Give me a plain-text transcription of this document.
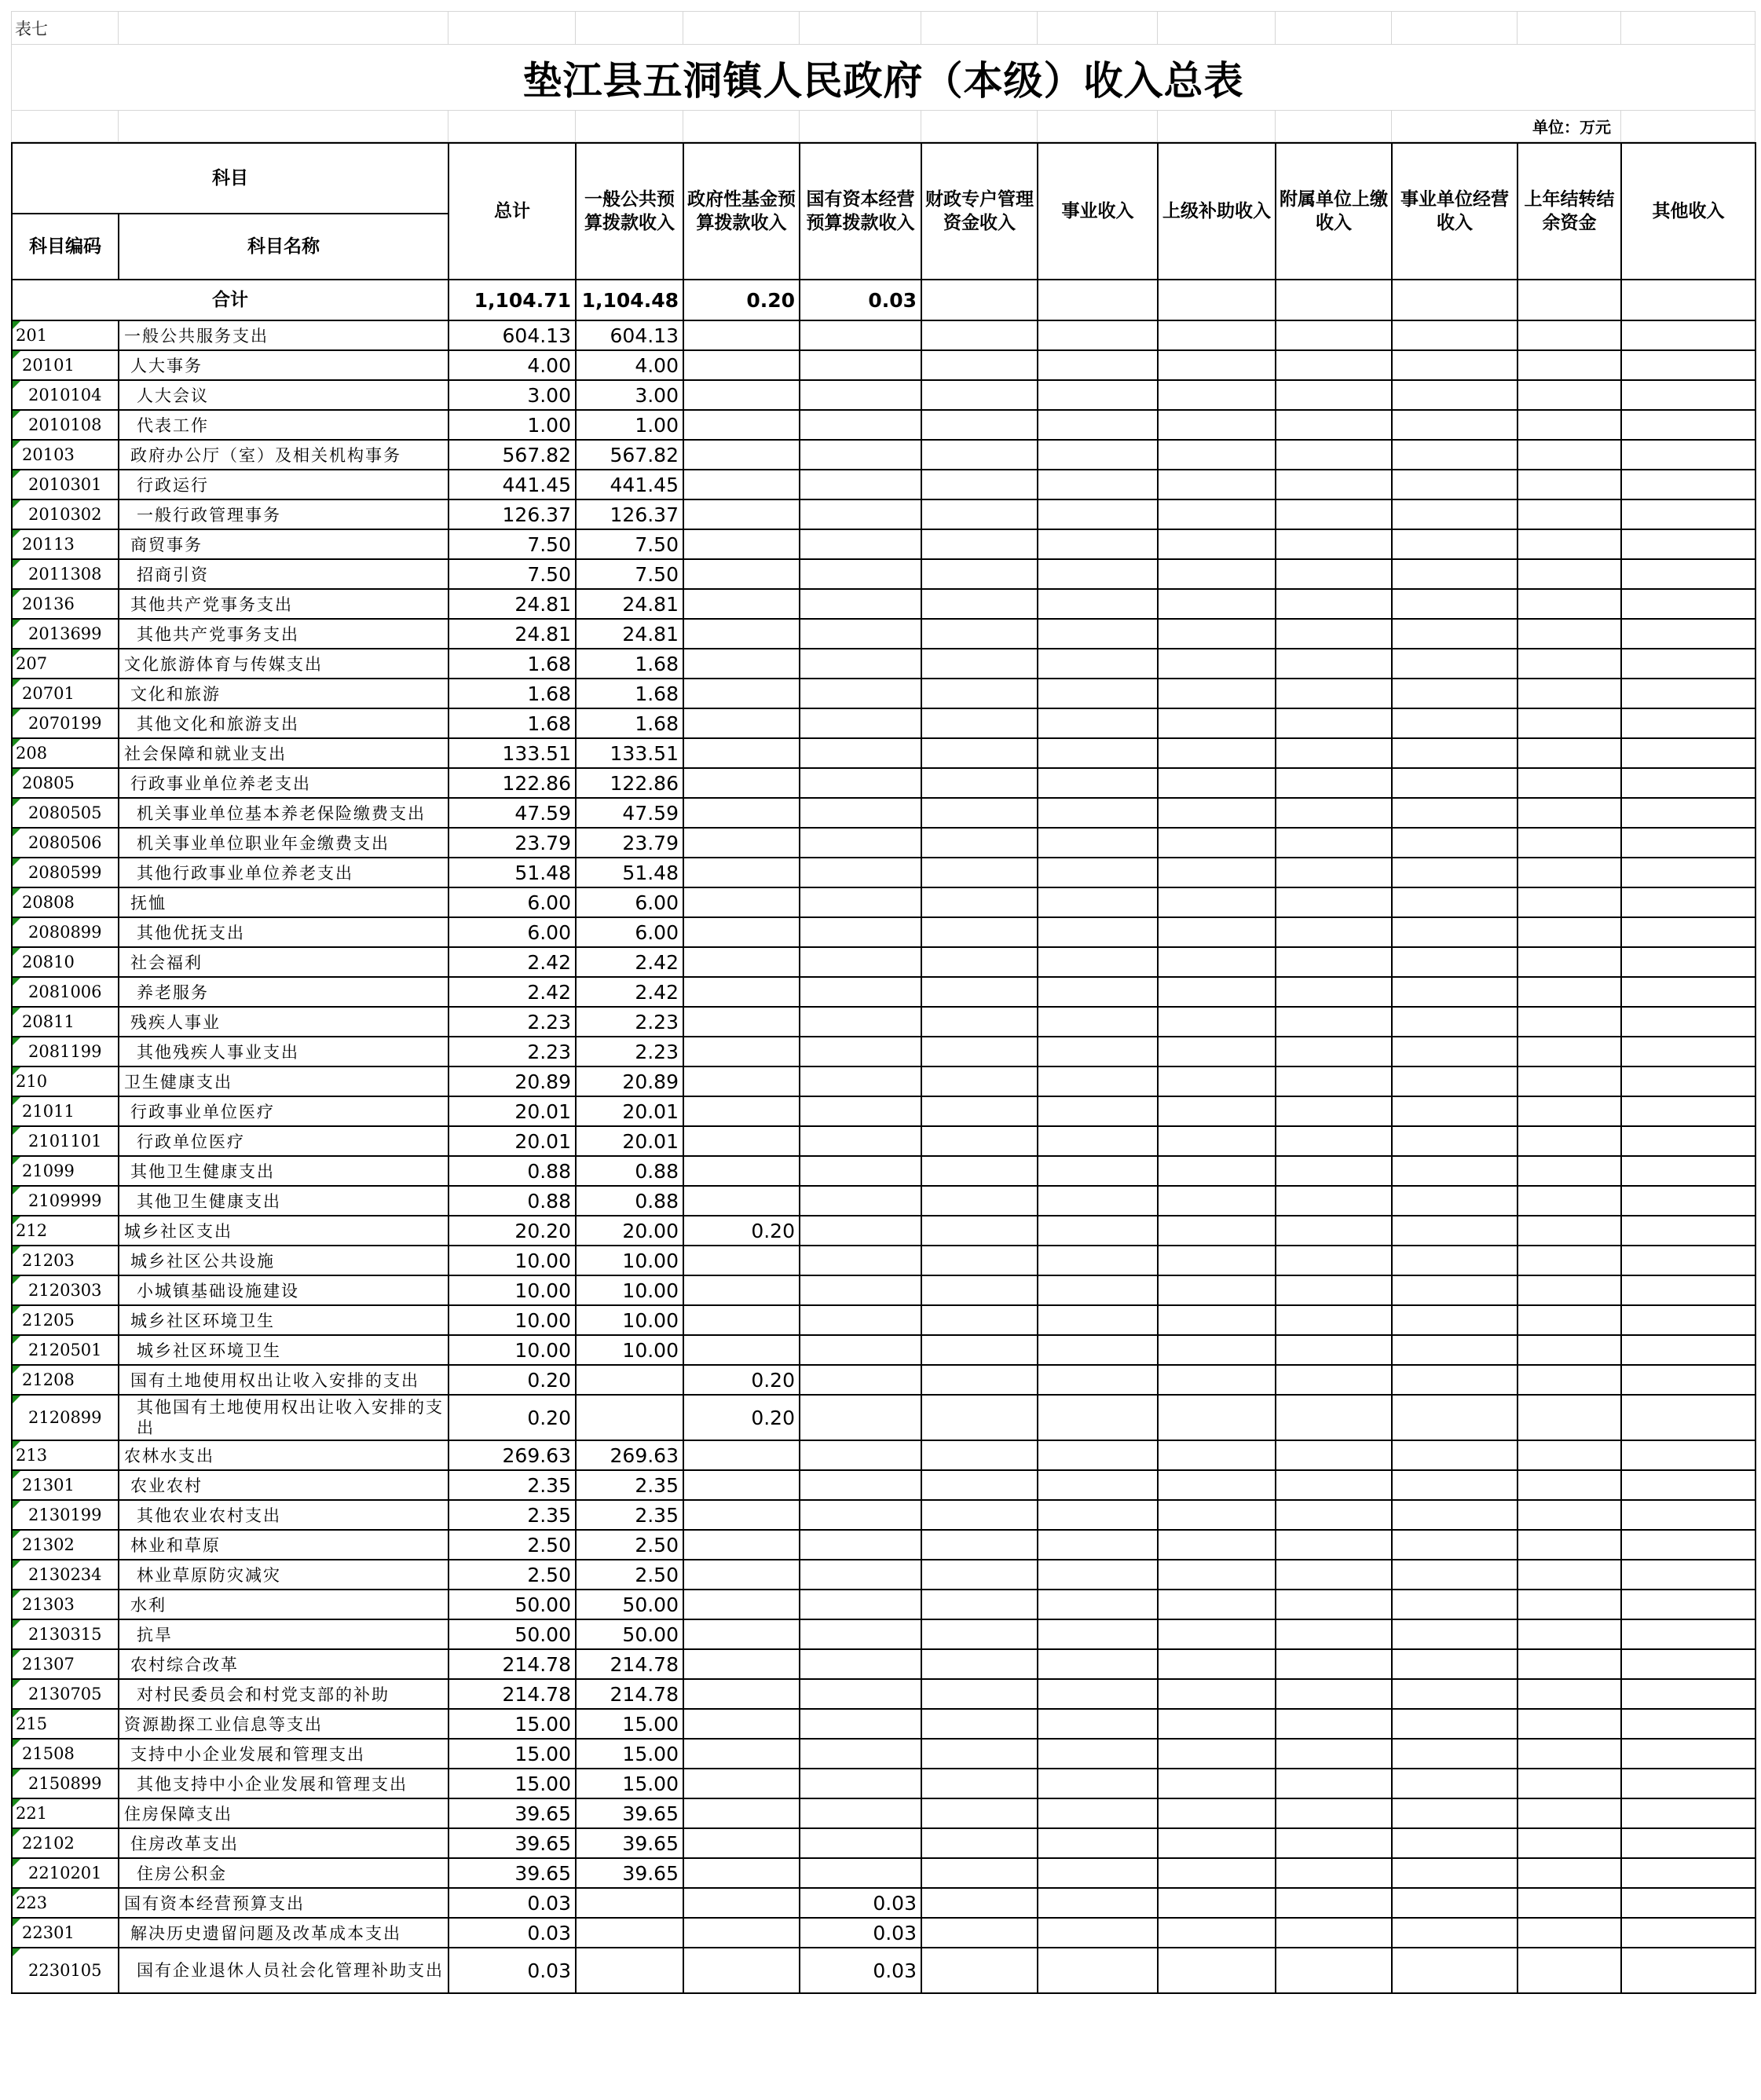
表七												
垫江县五洞镇人民政府（本级）收入总表												
										单位：万元		
科目		总计	一般公共预算拨款收入	政府性基金预算拨款收入	国有资本经营预算拨款收入	财政专户管理资金收入	事业收入	上级补助收入	附属单位上缴收入	事业单位经营收入	上年结转结余资金	其他收入
科目编码	科目名称											
合计		1,104.71	1,104.48	0.20	0.03							

201	一般公共服务支出	604.13	604.13									

20101	人大事务	4.00	4.00									

2010104	人大会议	3.00	3.00									

2010108	代表工作	1.00	1.00									

20103	政府办公厅（室）及相关机构事务	567.82	567.82									

2010301	行政运行	441.45	441.45									

2010302	一般行政管理事务	126.37	126.37									

20113	商贸事务	7.50	7.50									

2011308	招商引资	7.50	7.50									

20136	其他共产党事务支出	24.81	24.81									

2013699	其他共产党事务支出	24.81	24.81									

207	文化旅游体育与传媒支出	1.68	1.68									

20701	文化和旅游	1.68	1.68									

2070199	其他文化和旅游支出	1.68	1.68									

208	社会保障和就业支出	133.51	133.51									

20805	行政事业单位养老支出	122.86	122.86									

2080505	机关事业单位基本养老保险缴费支出	47.59	47.59									

2080506	机关事业单位职业年金缴费支出	23.79	23.79									

2080599	其他行政事业单位养老支出	51.48	51.48									

20808	抚恤	6.00	6.00									

2080899	其他优抚支出	6.00	6.00									

20810	社会福利	2.42	2.42									

2081006	养老服务	2.42	2.42									

20811	残疾人事业	2.23	2.23									

2081199	其他残疾人事业支出	2.23	2.23									

210	卫生健康支出	20.89	20.89									

21011	行政事业单位医疗	20.01	20.01									

2101101	行政单位医疗	20.01	20.01									

21099	其他卫生健康支出	0.88	0.88									

2109999	其他卫生健康支出	0.88	0.88									

212	城乡社区支出	20.20	20.00	0.20								

21203	城乡社区公共设施	10.00	10.00									

2120303	小城镇基础设施建设	10.00	10.00									

21205	城乡社区环境卫生	10.00	10.00									

2120501	城乡社区环境卫生	10.00	10.00									

21208	国有土地使用权出让收入安排的支出	0.20		0.20								

2120899	其他国有土地使用权出让收入安排的支出	0.20		0.20								

213	农林水支出	269.63	269.63									

21301	农业农村	2.35	2.35									

2130199	其他农业农村支出	2.35	2.35									

21302	林业和草原	2.50	2.50									

2130234	林业草原防灾减灾	2.50	2.50									

21303	水利	50.00	50.00									

2130315	抗旱	50.00	50.00									

21307	农村综合改革	214.78	214.78									

2130705	对村民委员会和村党支部的补助	214.78	214.78									

215	资源勘探工业信息等支出	15.00	15.00									

21508	支持中小企业发展和管理支出	15.00	15.00									

2150899	其他支持中小企业发展和管理支出	15.00	15.00									

221	住房保障支出	39.65	39.65									

22102	住房改革支出	39.65	39.65									

2210201	住房公积金	39.65	39.65									

223	国有资本经营预算支出	0.03			0.03							

22301	解决历史遗留问题及改革成本支出	0.03			0.03							

2230105	国有企业退休人员社会化管理补助支出	0.03			0.03							
